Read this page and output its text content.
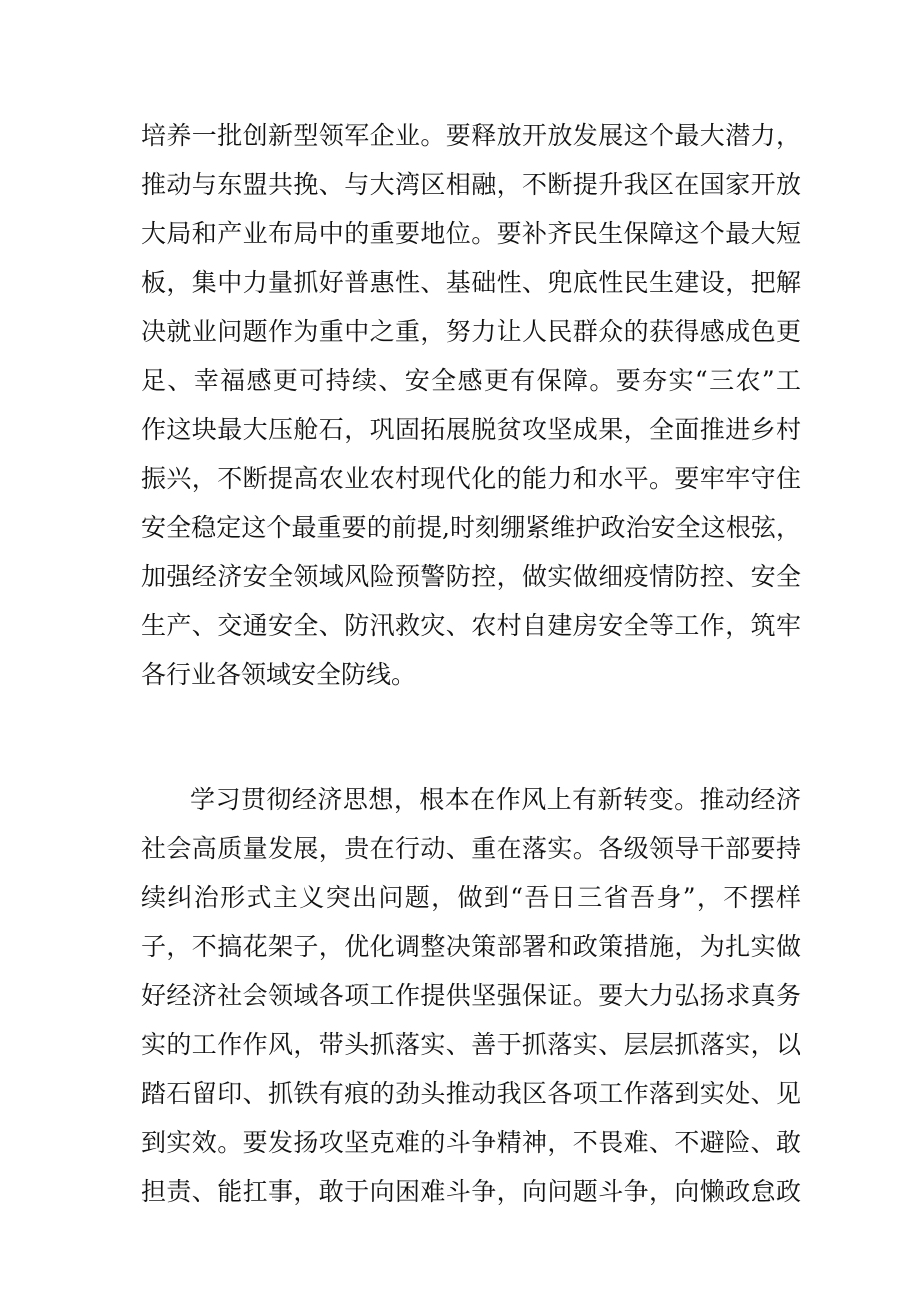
培养一批创新型领军企业。要释放开放发展这个最大潜力，
推动与东盟共挽、与大湾区相融，不断提升我区在国家开放
大局和产业布局中的重要地位。要补齐民生保障这个最大短
板，集中力量抓好普惠性、基础性、兜底性民生建设，把解
决就业问题作为重中之重，努力让人民群众的获得感成色更
足、幸福感更可持续、安全感更有保障。要夯实“三农”工
作这块最大压舱石，巩固拓展脱贫攻坚成果，全面推进乡村
振兴，不断提高农业农村现代化的能力和水平。要牢牢守住
安全稳定这个最重要的前提,时刻绷紧维护政治安全这根弦，
加强经济安全领域风险预警防控，做实做细疫情防控、安全
生产、交通安全、防汛救灾、农村自建房安全等工作，筑牢
各行业各领域安全防线。
学习贯彻经济思想，根本在作风上有新转变。推动经济
社会高质量发展，贵在行动、重在落实。各级领导干部要持
续纠治形式主义突出问题，做到“吾日三省吾身”，不摆样
子，不搞花架子，优化调整决策部署和政策措施，为扎实做
好经济社会领域各项工作提供坚强保证。要大力弘扬求真务
实的工作作风，带头抓落实、善于抓落实、层层抓落实，以
踏石留印、抓铁有痕的劲头推动我区各项工作落到实处、见
到实效。要发扬攻坚克难的斗争精神，不畏难、不避险、敢
担责、能扛事，敢于向困难斗争，向问题斗争，向懒政怠政
